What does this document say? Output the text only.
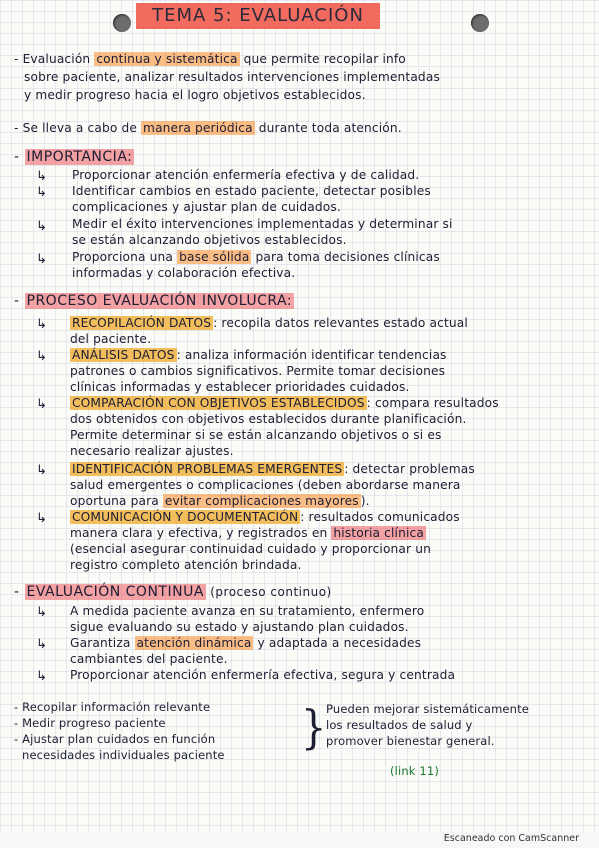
TEMA 5: EVALUACIÓN
- Evaluación continua y sistemática que permite recopilar info
sobre paciente, analizar resultados intervenciones implementadas
y medir progreso hacia el logro objetivos establecidos.
- Se lleva a cabo de manera periódica durante toda atención.
- IMPORTANCIA:
↳ Proporcionar atención enfermería efectiva y de calidad.
↳ Identificar cambios en estado paciente, detectar posibles
complicaciones y ajustar plan de cuidados.
↳ Medir el éxito intervenciones implementadas y determinar si
se están alcanzando objetivos establecidos.
↳ Proporciona una base sólida para toma decisiones clínicas
informadas y colaboración efectiva.
- PROCESO EVALUACIÓN INVOLUCRA:
↳ RECOPILACIÓN DATOS : recopila datos relevantes estado actual
del paciente.
↳ ANÁLISIS DATOS : analiza información identificar tendencias
patrones o cambios significativos. Permite tomar decisiones
clínicas informadas y establecer prioridades cuidados.
↳ COMPARACIÓN CON OBJETIVOS ESTABLECIDOS : compara resultados
dos obtenidos con objetivos establecidos durante planificación.
Permite determinar si se están alcanzando objetivos o si es
necesario realizar ajustes.
↳ IDENTIFICACIÓN PROBLEMAS EMERGENTES : detectar problemas
salud emergentes o complicaciones (deben abordarse manera
oportuna para evitar complicaciones mayores ).
↳ COMUNICACIÓN Y DOCUMENTACIÓN : resultados comunicados
manera clara y efectiva, y registrados en historia clínica
(esencial asegurar continuidad cuidado y proporcionar un
registro completo atención brindada.
- EVALUACIÓN CONTINUA (proceso continuo)
↳ A medida paciente avanza en su tratamiento, enfermero
sigue evaluando su estado y ajustando plan cuidados.
↳ Garantiza atención dinámica y adaptada a necesidades
cambiantes del paciente.
↳ Proporcionar atención enfermería efectiva, segura y centrada
- Recopilar información relevante
- Medir progreso paciente
- Ajustar plan cuidados en función
necesidades individuales paciente
} Pueden mejorar sistemáticamente
los resultados de salud y
promover bienestar general.
(link 11)
Escaneado con CamScanner
